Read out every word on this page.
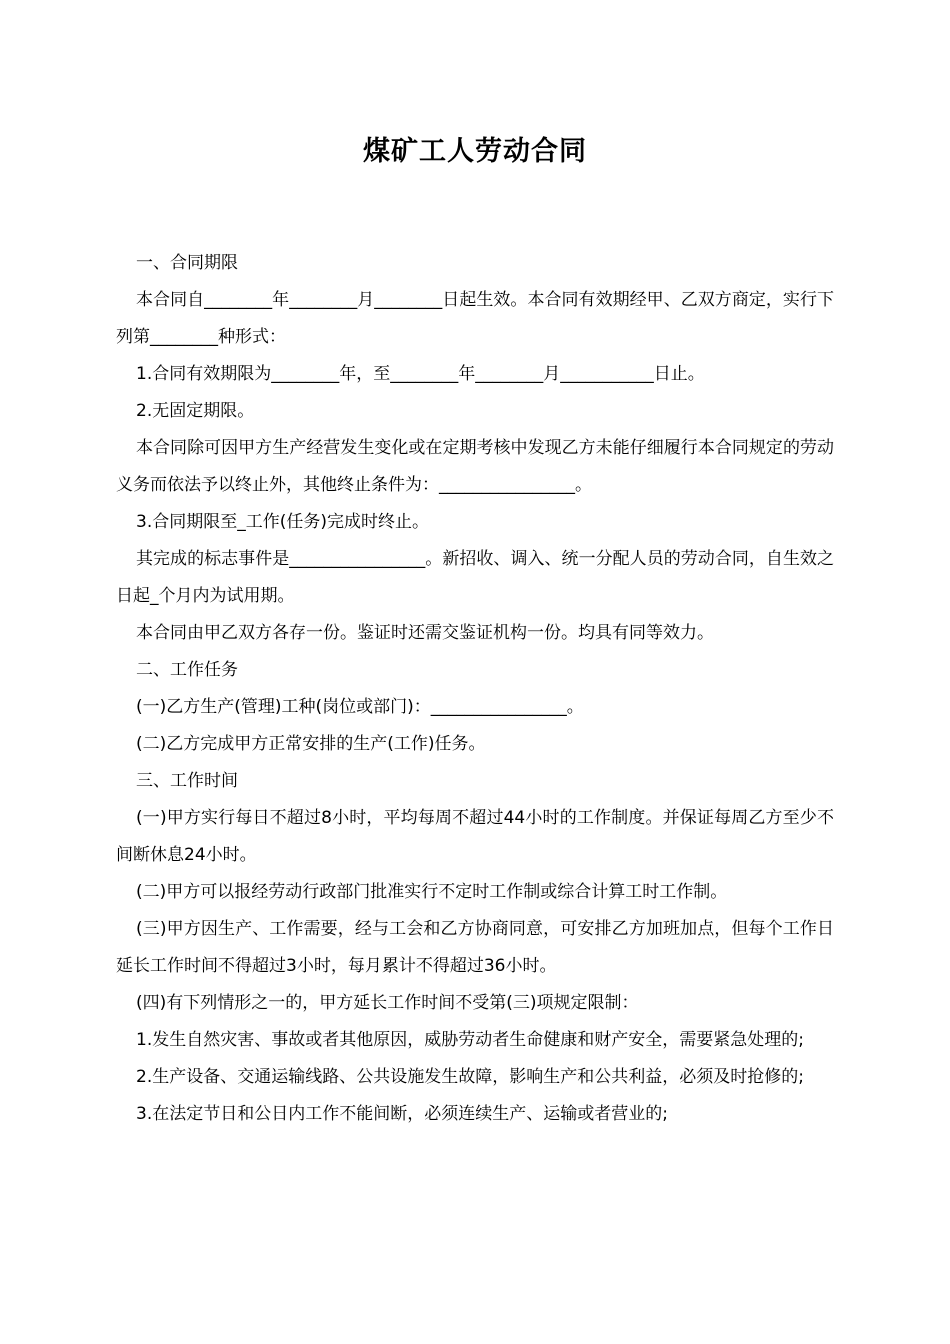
煤矿工人劳动合同

一、合同期限

本合同自________年________月________日起生效。本合同有效期经甲、乙双方商定，实行下列第________种形式：

1.合同有效期限为________年，至________年________月___________日止。

2.无固定期限。

本合同除可因甲方生产经营发生变化或在定期考核中发现乙方未能仔细履行本合同规定的劳动义务而依法予以终止外，其他终止条件为：________________。

3.合同期限至_工作(任务)完成时终止。

其完成的标志事件是________________。新招收、调入、统一分配人员的劳动合同，自生效之日起_个月内为试用期。

本合同由甲乙双方各存一份。鉴证时还需交鉴证机构一份。均具有同等效力。

二、工作任务

(一)乙方生产(管理)工种(岗位或部门)：________________。

(二)乙方完成甲方正常安排的生产(工作)任务。

三、工作时间

(一)甲方实行每日不超过8小时，平均每周不超过44小时的工作制度。并保证每周乙方至少不间断休息24小时。

(二)甲方可以报经劳动行政部门批准实行不定时工作制或综合计算工时工作制。

(三)甲方因生产、工作需要，经与工会和乙方协商同意，可安排乙方加班加点，但每个工作日延长工作时间不得超过3小时，每月累计不得超过36小时。

(四)有下列情形之一的，甲方延长工作时间不受第(三)项规定限制：

1.发生自然灾害、事故或者其他原因，威胁劳动者生命健康和财产安全，需要紧急处理的;

2.生产设备、交通运输线路、公共设施发生故障，影响生产和公共利益，必须及时抢修的;

3.在法定节日和公日内工作不能间断，必须连续生产、运输或者营业的;
